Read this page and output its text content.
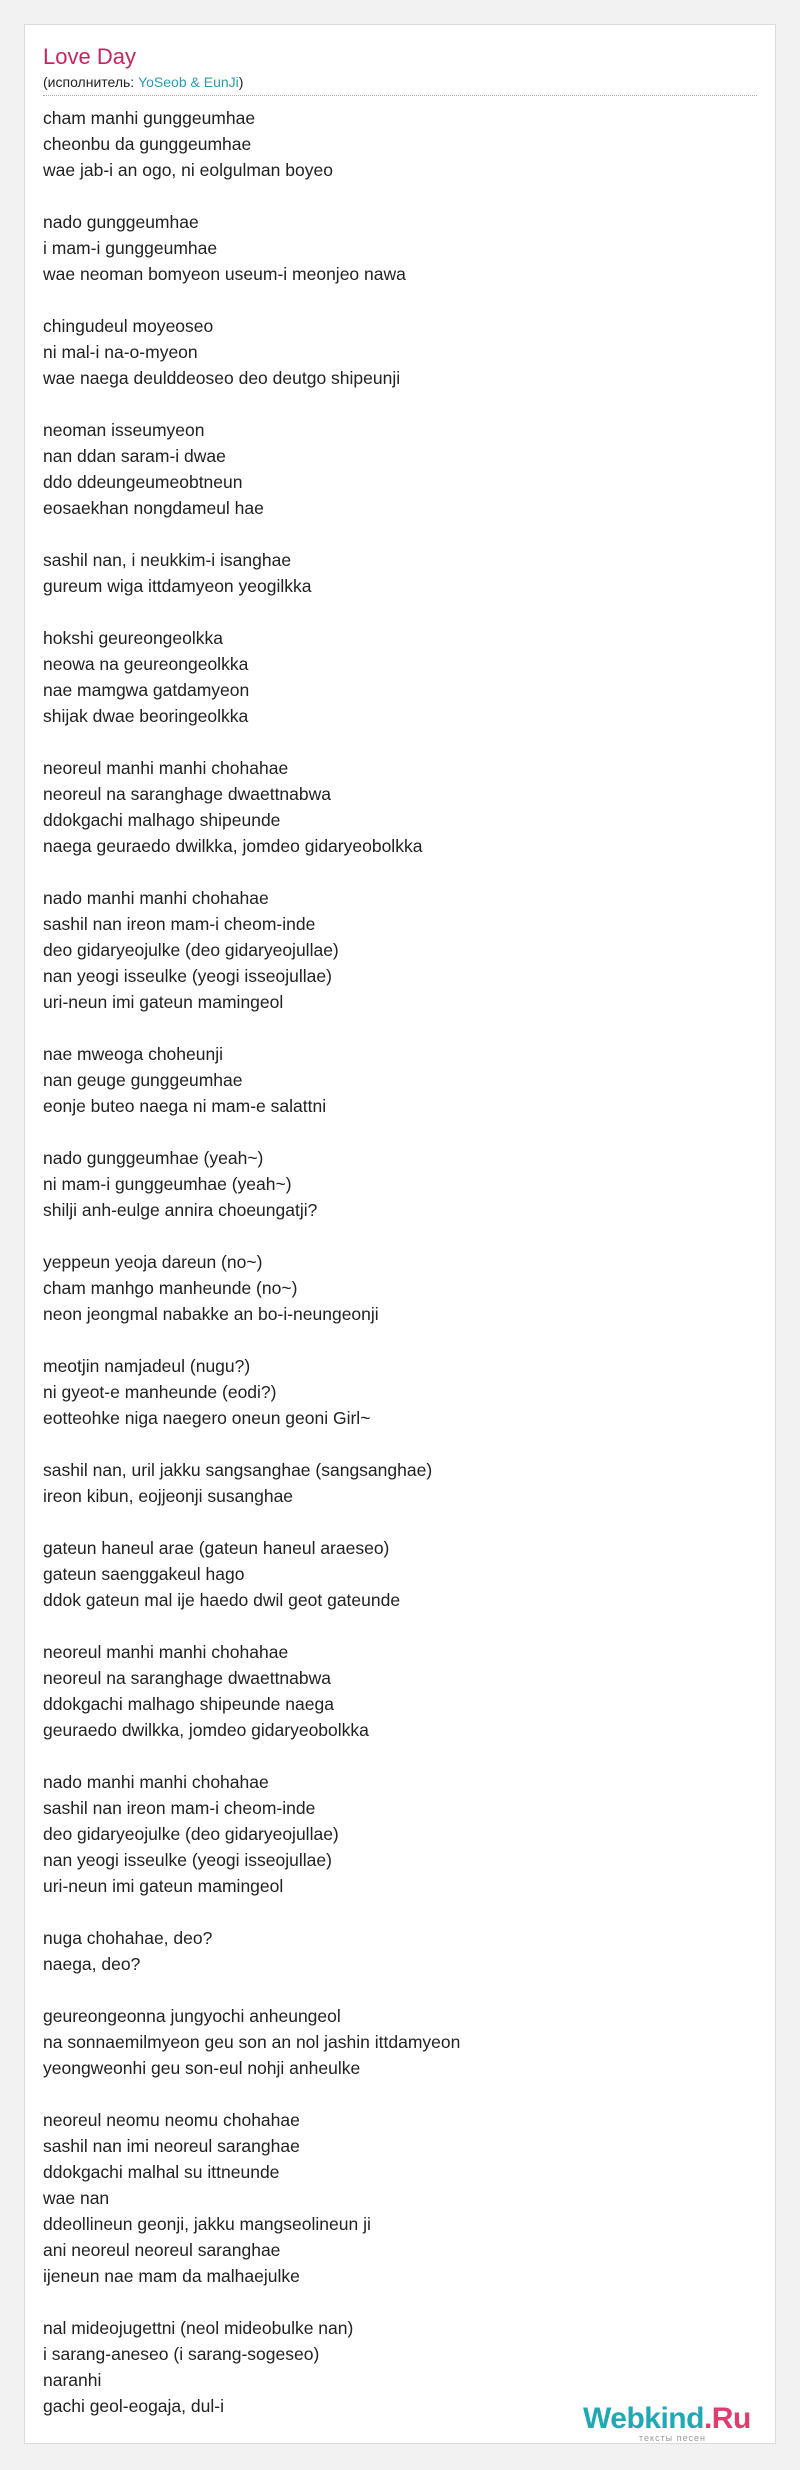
Love Day
(исполнитель: YoSeob & EunJi)
cham manhi gunggeumhae
cheonbu da gunggeumhae
wae jab-i an ogo, ni eolgulman boyeo
nado gunggeumhae
i mam-i gunggeumhae
wae neoman bomyeon useum-i meonjeo nawa
chingudeul moyeoseo
ni mal-i na-o-myeon
wae naega deulddeoseo deo deutgo shipeunji
neoman isseumyeon
nan ddan saram-i dwae
ddo ddeungeumeobtneun
eosaekhan nongdameul hae
sashil nan, i neukkim-i isanghae
gureum wiga ittdamyeon yeogilkka
hokshi geureongeolkka
neowa na geureongeolkka
nae mamgwa gatdamyeon
shijak dwae beoringeolkka
neoreul manhi manhi chohahae
neoreul na saranghage dwaettnabwa
ddokgachi malhago shipeunde
naega geuraedo dwilkka, jomdeo gidaryeobolkka
nado manhi manhi chohahae
sashil nan ireon mam-i cheom-inde
deo gidaryeojulke (deo gidaryeojullae)
nan yeogi isseulke (yeogi isseojullae)
uri-neun imi gateun mamingeol
nae mweoga choheunji
nan geuge gunggeumhae
eonje buteo naega ni mam-e salattni
nado gunggeumhae (yeah~)
ni mam-i gunggeumhae (yeah~)
shilji anh-eulge annira choeungatji?
yeppeun yeoja dareun (no~)
cham manhgo manheunde (no~)
neon jeongmal nabakke an bo-i-neungeonji
meotjin namjadeul (nugu?)
ni gyeot-e manheunde (eodi?)
eotteohke niga naegero oneun geoni Girl~
sashil nan, uril jakku sangsanghae (sangsanghae)
ireon kibun, eojjeonji susanghae
gateun haneul arae (gateun haneul araeseo)
gateun saenggakeul hago
ddok gateun mal ije haedo dwil geot gateunde
neoreul manhi manhi chohahae
neoreul na saranghage dwaettnabwa
ddokgachi malhago shipeunde naega
geuraedo dwilkka, jomdeo gidaryeobolkka
nado manhi manhi chohahae
sashil nan ireon mam-i cheom-inde
deo gidaryeojulke (deo gidaryeojullae)
nan yeogi isseulke (yeogi isseojullae)
uri-neun imi gateun mamingeol
nuga chohahae, deo?
naega, deo?
geureongeonna jungyochi anheungeol
na sonnaemilmyeon geu son an nol jashin ittdamyeon
yeongweonhi geu son-eul nohji anheulke
neoreul neomu neomu chohahae
sashil nan imi neoreul saranghae
ddokgachi malhal su ittneunde
wae nan
ddeollineun geonji, jakku mangseolineun ji
ani neoreul neoreul saranghae
ijeneun nae mam da malhaejulke
nal mideojugettni (neol mideobulke nan)
i sarang-aneseo (i sarang-sogeseo)
naranhi
gachi geol-eogaja, dul-i	Webkind.Ru
тексты песен
